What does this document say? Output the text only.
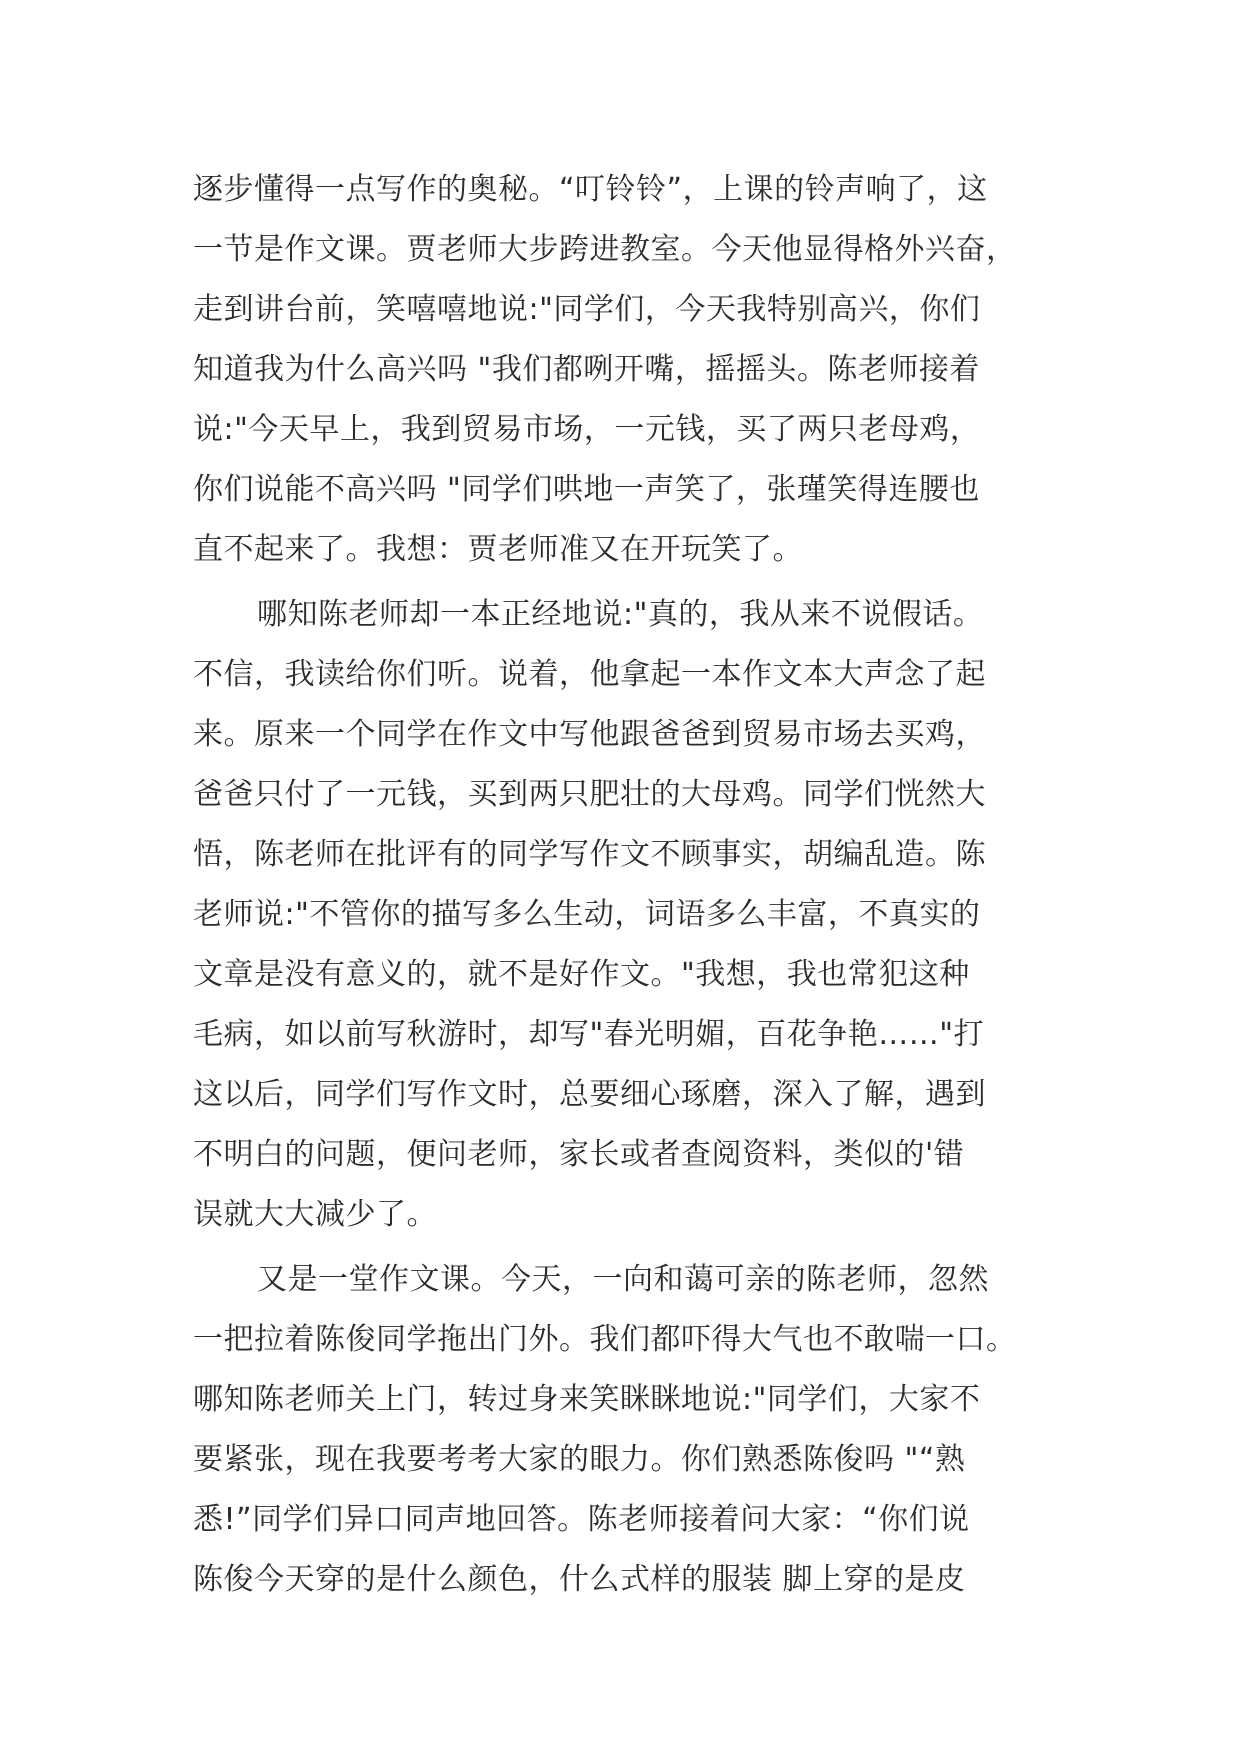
逐步懂得一点写作的奥秘。“叮铃铃”，上课的铃声响了，这
一节是作文课。贾老师大步跨进教室。今天他显得格外兴奋，
走到讲台前，笑嘻嘻地说:"同学们，今天我特别高兴，你们
知道我为什么高兴吗 "我们都咧开嘴，摇摇头。陈老师接着
说:"今天早上，我到贸易市场，一元钱，买了两只老母鸡，
你们说能不高兴吗 "同学们哄地一声笑了，张瑾笑得连腰也
直不起来了。我想：贾老师准又在开玩笑了。
哪知陈老师却一本正经地说:"真的，我从来不说假话。
不信，我读给你们听。说着，他拿起一本作文本大声念了起
来。原来一个同学在作文中写他跟爸爸到贸易市场去买鸡，
爸爸只付了一元钱，买到两只肥壮的大母鸡。同学们恍然大
悟，陈老师在批评有的同学写作文不顾事实，胡编乱造。陈
老师说:"不管你的描写多么生动，词语多么丰富，不真实的
文章是没有意义的，就不是好作文。"我想，我也常犯这种
毛病，如以前写秋游时，却写"春光明媚，百花争艳……"打
这以后，同学们写作文时，总要细心琢磨，深入了解，遇到
不明白的问题，便问老师，家长或者查阅资料，类似的'错
误就大大减少了。
又是一堂作文课。今天，一向和蔼可亲的陈老师，忽然
一把拉着陈俊同学拖出门外。我们都吓得大气也不敢喘一口。
哪知陈老师关上门，转过身来笑眯眯地说:"同学们，大家不
要紧张，现在我要考考大家的眼力。你们熟悉陈俊吗 "“熟
悉!”同学们异口同声地回答。陈老师接着问大家：“你们说
陈俊今天穿的是什么颜色，什么式样的服装 脚上穿的是皮
